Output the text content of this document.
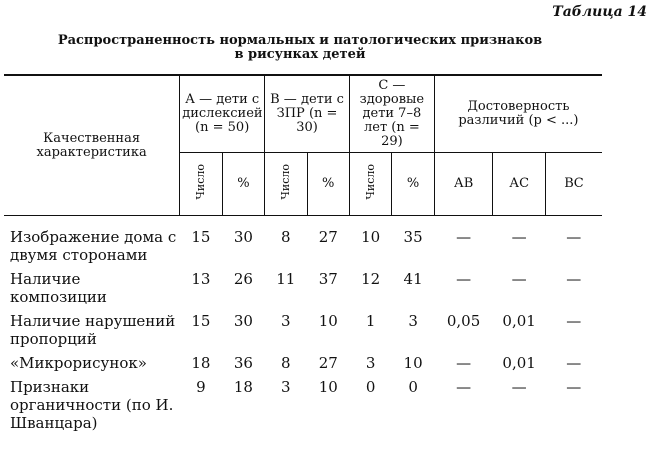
Таблица 14
Распространенность нормальных и патологических признаков
в рисунках детей
Качественная характеристика	А — дети с дислексией (n = 50)		В — дети с ЗПР (n = 30)		С — здоровые дети 7–8 лет (n = 29)		Достоверность различий (p < ...)		
	Число	%	Число	%	Число	%	АВ	АС	ВС
Изображение дома с двумя сторонами	15	30	8	27	10	35	—	—	—
Наличие композиции	13	26	11	37	12	41	—	—	—
Наличие нарушений пропорций	15	30	3	10	1	3	0,05	0,01	—
«Микрорисунок»	18	36	8	27	3	10	—	0,01	—
Признаки органичности (по И. Шванцара)	9	18	3	10	0	0	—	—	—
